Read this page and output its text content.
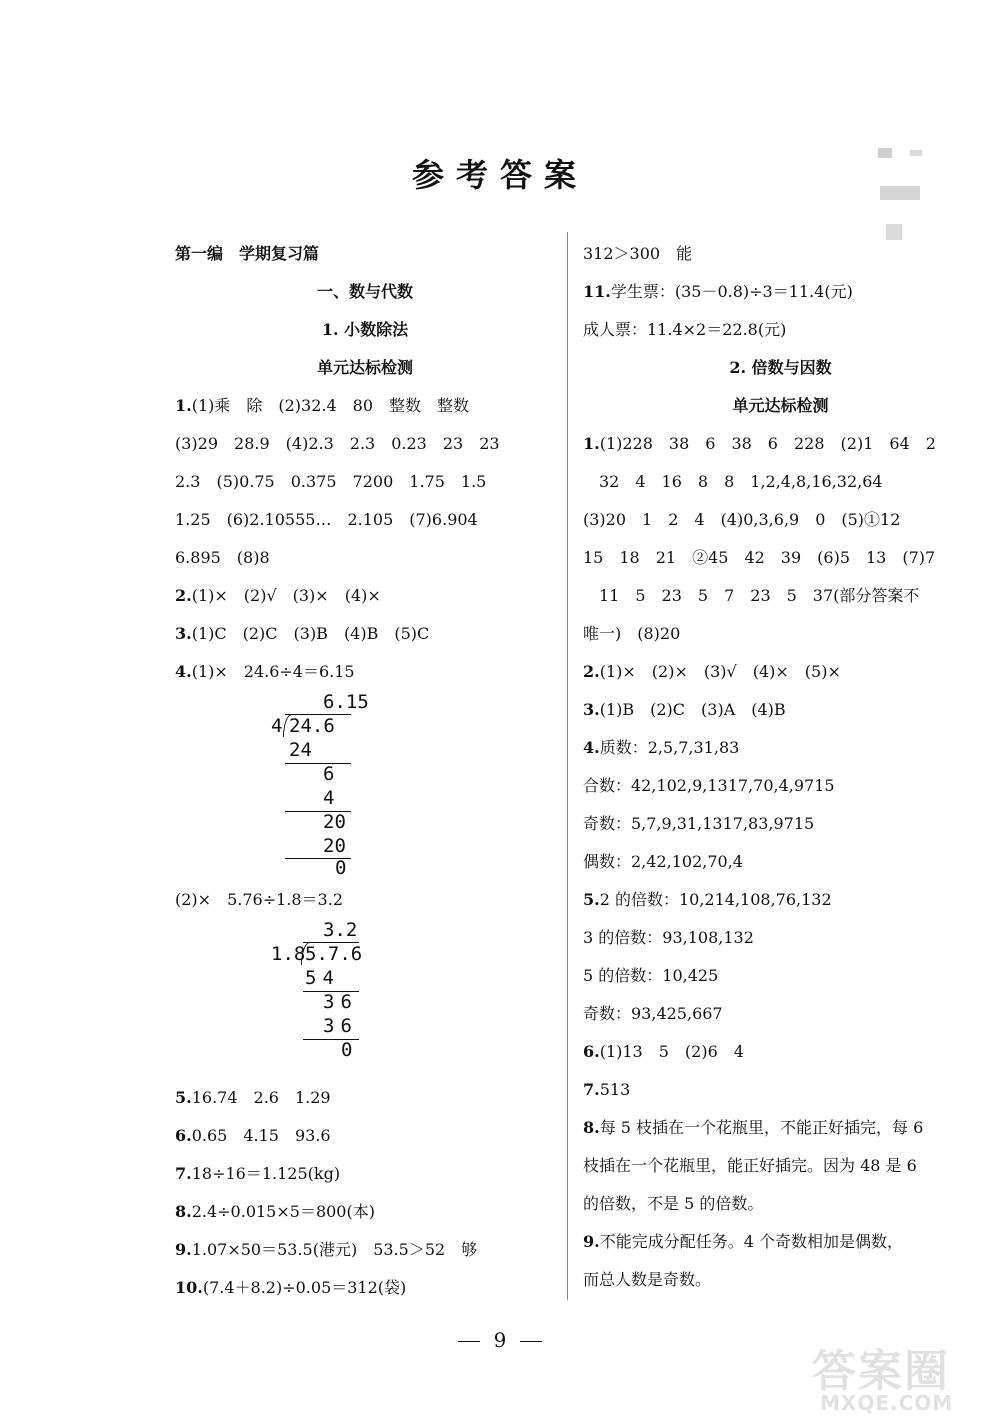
参考答案
第一编　学期复习篇
一、数与代数
1. 小数除法
单元达标检测
1.(1)乘　除　(2)32.4　80　整数　整数
(3)29　28.9　(4)2.3　2.3　0.23　23　23
2.3　(5)0.75　0.375　7200　1.75　1.5
1.25　(6)2.10555…　2.105　(7)6.904
6.895　(8)8
2.(1)×　(2)√　(3)×　(4)×
3.(1)C　(2)C　(3)B　(4)B　(5)C
4.(1)×　24.6÷4＝6.15
6.15
4 24.6
24
6
4
20
20
0
(2)×　5.76÷1.8＝3.2
3.2
1.8 5.7.6
54
36
36
0
5.16.74　2.6　1.29
6.0.65　4.15　93.6
7.18÷16＝1.125(kg)
8.2.4÷0.015×5＝800(本)
9.1.07×50＝53.5(港元)　53.5＞52　够
10.(7.4＋8.2)÷0.05＝312(袋)
312＞300　能
11.学生票：(35－0.8)÷3＝11.4(元)
成人票：11.4×2＝22.8(元)
2. 倍数与因数
单元达标检测
1.(1)228　38　6　38　6　228　(2)1　64　2
　32　4　16　8　8　1,2,4,8,16,32,64
(3)20　1　2　4　(4)0,3,6,9　0　(5)①12
15　18　21　②45　42　39　(6)5　13　(7)7
　11　5　23　5　7　23　5　37(部分答案不
唯一)　(8)20
2.(1)×　(2)×　(3)√　(4)×　(5)×
3.(1)B　(2)C　(3)A　(4)B
4.质数：2,5,7,31,83
合数：42,102,9,1317,70,4,9715
奇数：5,7,9,31,1317,83,9715
偶数：2,42,102,70,4
5.2 的倍数：10,214,108,76,132
3 的倍数：93,108,132
5 的倍数：10,425
奇数：93,425,667
6.(1)13　5　(2)6　4
7.513
8.每 5 枝插在一个花瓶里，不能正好插完，每 6
枝插在一个花瓶里，能正好插完。因为 48 是 6
的倍数，不是 5 的倍数。
9.不能完成分配任务。4 个奇数相加是偶数，
而总人数是奇数。
9
答案圈
MXQE.COM
